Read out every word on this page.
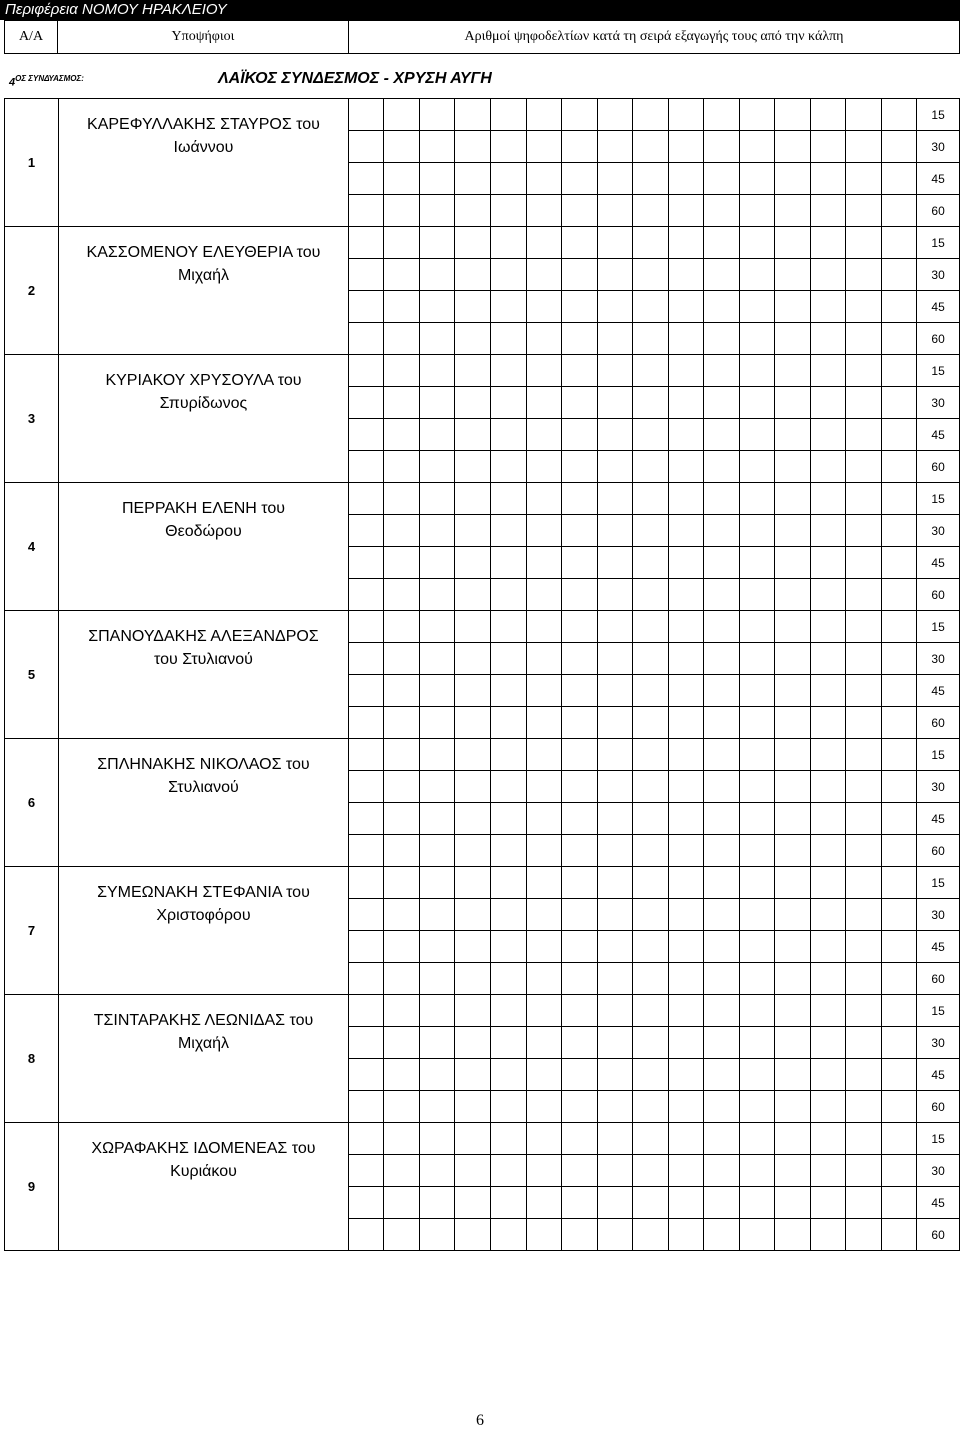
Περιφέρεια ΝΟΜΟΥ ΗΡΑΚΛΕΙΟΥ
Α/Α	Υποψήφιοι	Αριθμοί ψηφοδελτίων κατά τη σειρά εξαγωγής τους από την κάλπη
$4^{O\Sigma \Sigma\Upsilon N\Delta\Upsilon A\Sigma MO\Sigma:}$	ΛΑΪΚΟΣ ΣΥΝΔΕΣΜΟΣ - ΧΡΥΣΗ ΑΥΓΗ
1	ΚΑΡΕΦΥΛΛΑΚΗΣ ΣΤΑΥΡΟΣ του Ιωάννου																	15
																		30
																		45
																		60
2	ΚΑΣΣΟΜΕΝΟΥ ΕΛΕΥΘΕΡΙΑ του Μιχαήλ																	15
																		30
																		45
																		60
3	ΚΥΡΙΑΚΟΥ ΧΡΥΣΟΥΛΑ του Σπυρίδωνος																	15
																		30
																		45
																		60
4	ΠΕΡΡΑΚΗ ΕΛΕΝΗ του Θεοδώρου																	15
																		30
																		45
																		60
5	ΣΠΑΝΟΥΔΑΚΗΣ ΑΛΕΞΑΝΔΡΟΣ του Στυλιανού																	15
																		30
																		45
																		60
6	ΣΠΛΗΝΑΚΗΣ ΝΙΚΟΛΑΟΣ του Στυλιανού																	15
																		30
																		45
																		60
7	ΣΥΜΕΩΝΑΚΗ ΣΤΕΦΑΝΙΑ του Χριστοφόρου																	15
																		30
																		45
																		60
8	ΤΣΙΝΤΑΡΑΚΗΣ ΛΕΩΝΙΔΑΣ του Μιχαήλ																	15
																		30
																		45
																		60
9	ΧΩΡΑΦΑΚΗΣ ΙΔΟΜΕΝΕΑΣ του Κυριάκου																	15
																		30
																		45
																		60
6
